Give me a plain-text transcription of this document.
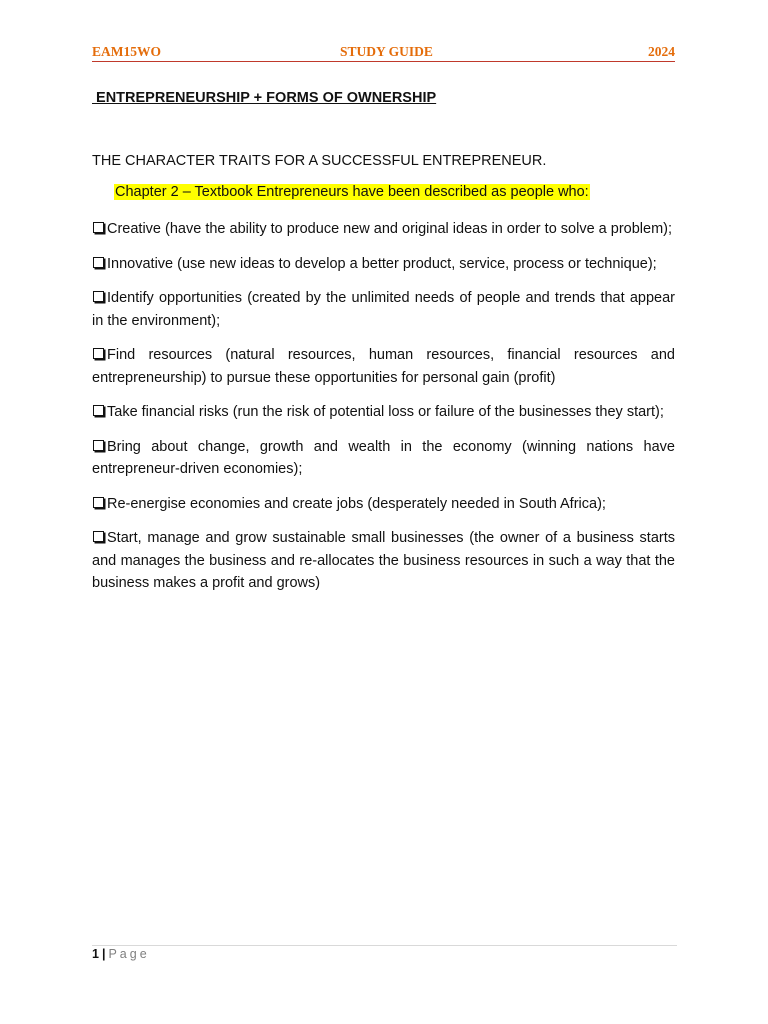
EAM15WO	STUDY GUIDE	2024
ENTREPRENEURSHIP + FORMS OF OWNERSHIP
THE CHARACTER TRAITS FOR A SUCCESSFUL ENTREPRENEUR.
Chapter 2 – Textbook Entrepreneurs have been described as people who:
Creative (have the ability to produce new and original ideas in order to solve a problem);
Innovative (use new ideas to develop a better product, service, process or technique);
Identify opportunities (created by the unlimited needs of people and trends that appear in the environment);
Find resources (natural resources, human resources, financial resources and entrepreneurship) to pursue these opportunities for personal gain (profit)
Take financial risks (run the risk of potential loss or failure of the businesses they start);
Bring about change, growth and wealth in the economy (winning nations have entrepreneur-driven economies);
Re-energise economies and create jobs (desperately needed in South Africa);
Start, manage and grow sustainable small businesses (the owner of a business starts and manages the business and re-allocates the business resources in such a way that the business makes a profit and grows)
1 | Page
